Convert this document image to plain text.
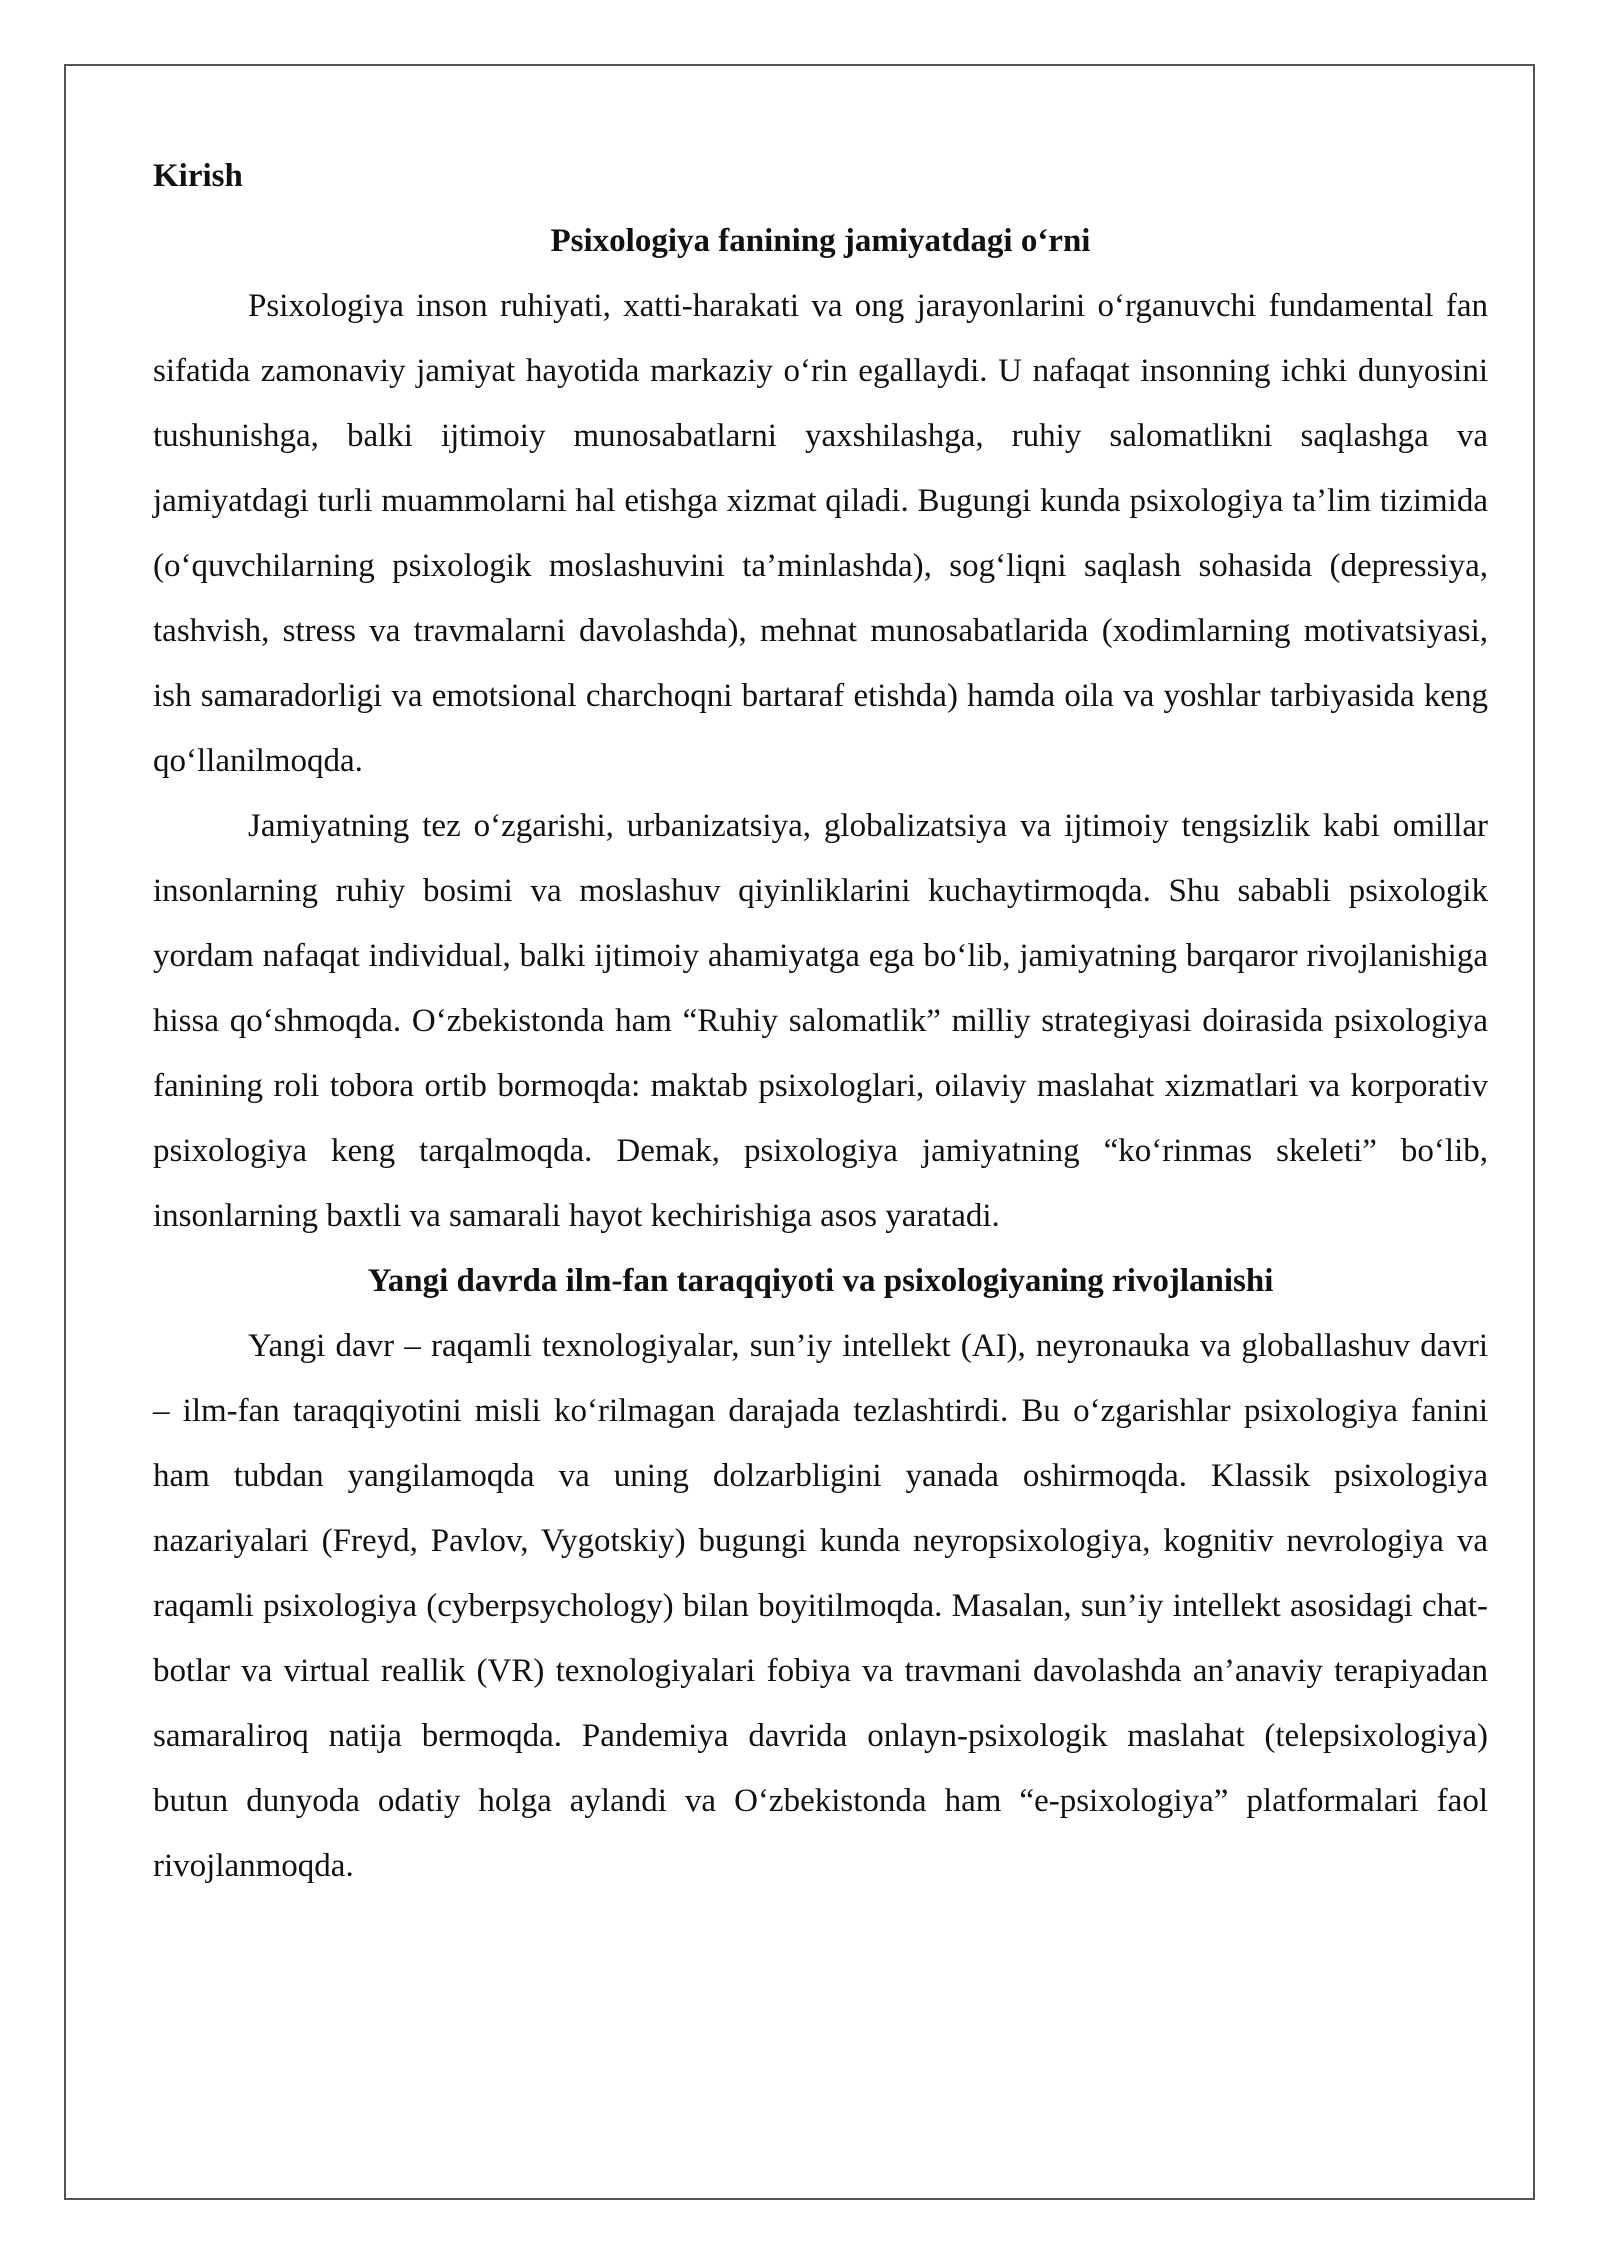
Kirish
Psixologiya fanining jamiyatdagi o‘rni

Psixologiya inson ruhiyati, xatti-harakati va ong jarayonlarini o‘rganuvchi fundamental fan sifatida zamonaviy jamiyat hayotida markaziy o‘rin egallaydi. U nafaqat insonning ichki dunyosini tushunishga, balki ijtimoiy munosabatlarni yaxshilashga, ruhiy salomatlikni saqlashga va jamiyatdagi turli muammolarni hal etishga xizmat qiladi. Bugungi kunda psixologiya ta’lim tizimida (o‘quvchilarning psixologik moslashuvini ta’minlashda), sog‘liqni saqlash sohasida (depressiya, tashvish, stress va travmalarni davolashda), mehnat munosabatlarida (xodimlarning motivatsiyasi, ish samaradorligi va emotsional charchoqni bartaraf etishda) hamda oila va yoshlar tarbiyasida keng qo‘llanilmoqda.

Jamiyatning tez o‘zgarishi, urbanizatsiya, globalizatsiya va ijtimoiy tengsizlik kabi omillar insonlarning ruhiy bosimi va moslashuv qiyinliklarini kuchaytirmoqda. Shu sababli psixologik yordam nafaqat individual, balki ijtimoiy ahamiyatga ega bo‘lib, jamiyatning barqaror rivojlanishiga hissa qo‘shmoqda. O‘zbekistonda ham “Ruhiy salomatlik” milliy strategiyasi doirasida psixologiya fanining roli tobora ortib bormoqda: maktab psixologlari, oilaviy maslahat xizmatlari va korporativ psixologiya keng tarqalmoqda. Demak, psixologiya jamiyatning “ko‘rinmas skeleti” bo‘lib, insonlarning baxtli va samarali hayot kechirishiga asos yaratadi.

Yangi davrda ilm-fan taraqqiyoti va psixologiyaning rivojlanishi

Yangi davr – raqamli texnologiyalar, sun’iy intellekt (AI), neyronauka va globallashuv davri – ilm-fan taraqqiyotini misli ko‘rilmagan darajada tezlashtirdi. Bu o‘zgarishlar psixologiya fanini ham tubdan yangilamoqda va uning dolzarbligini yanada oshirmoqda. Klassik psixologiya nazariyalari (Freyd, Pavlov, Vygotskiy) bugungi kunda neyropsixologiya, kognitiv nevrologiya va raqamli psixologiya (cyberpsychology) bilan boyitilmoqda. Masalan, sun’iy intellekt asosidagi chat-botlar va virtual reallik (VR) texnologiyalari fobiya va travmani davolashda an’anaviy terapiyadan samaraliroq natija bermoqda. Pandemiya davrida onlayn-psixologik maslahat (telepsixologiya) butun dunyoda odatiy holga aylandi va O‘zbekistonda ham “e-psixologiya” platformalari faol rivojlanmoqda.
